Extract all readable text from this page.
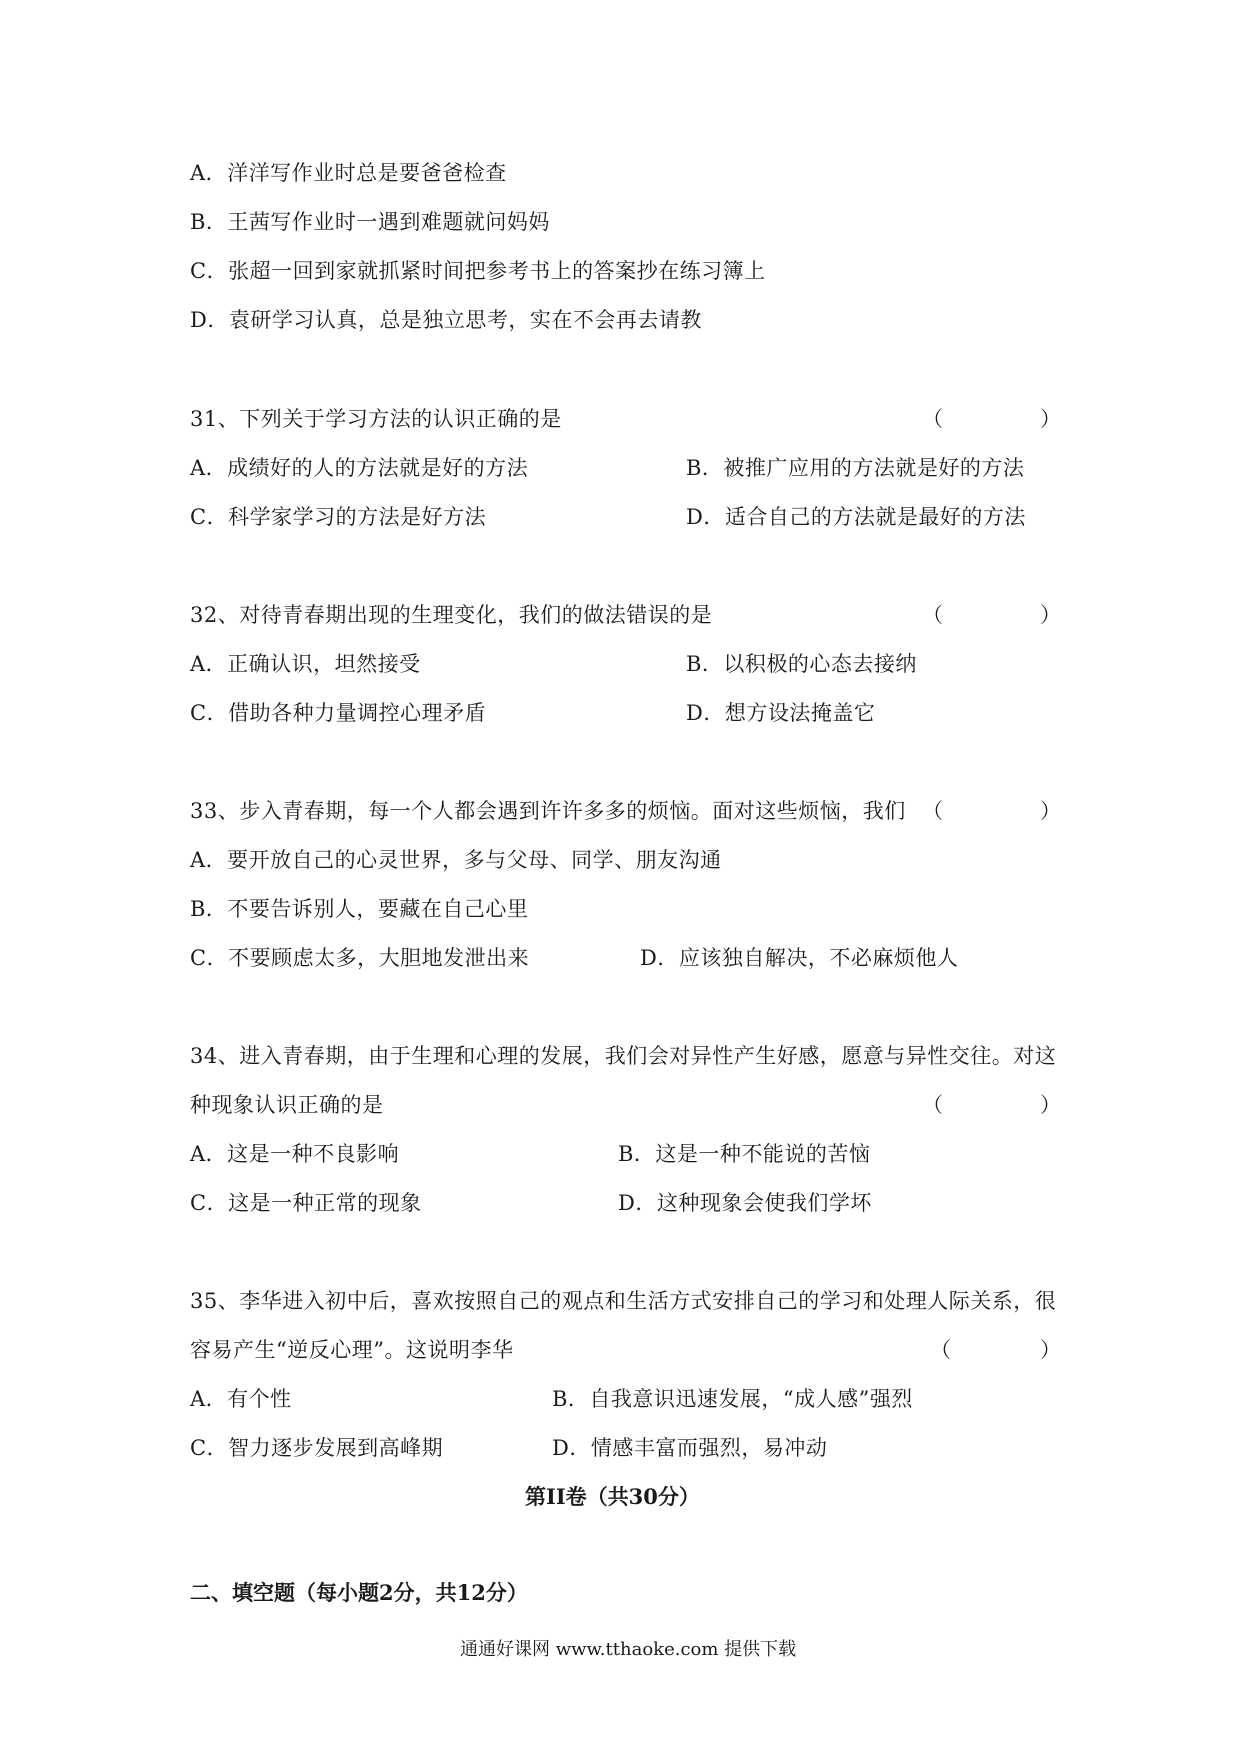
A．洋洋写作业时总是要爸爸检查
B．王茜写作业时一遇到难题就问妈妈
C．张超一回到家就抓紧时间把参考书上的答案抄在练习簿上
D．袁研学习认真，总是独立思考，实在不会再去请教
31、下列关于学习方法的认识正确的是	（	）
A．成绩好的人的方法就是好的方法	B．被推广应用的方法就是好的方法
C．科学家学习的方法是好方法	D．适合自己的方法就是最好的方法
32、对待青春期出现的生理变化，我们的做法错误的是	（	）
A．正确认识，坦然接受	B．以积极的心态去接纳
C．借助各种力量调控心理矛盾	D．想方设法掩盖它
33、步入青春期，每一个人都会遇到许许多多的烦恼。面对这些烦恼，我们 （	）
A．要开放自己的心灵世界，多与父母、同学、朋友沟通
B．不要告诉别人，要藏在自己心里
C．不要顾虑太多，大胆地发泄出来	D．应该独自解决，不必麻烦他人
34、进入青春期，由于生理和心理的发展，我们会对异性产生好感，愿意与异性交往。对这
种现象认识正确的是	（	）
A．这是一种不良影响	B．这是一种不能说的苦恼
C．这是一种正常的现象	D．这种现象会使我们学坏
35、李华进入初中后，喜欢按照自己的观点和生活方式安排自己的学习和处理人际关系，很
容易产生“逆反心理”。这说明李华	（	）
A．有个性	B．自我意识迅速发展，“成人感”强烈
C．智力逐步发展到高峰期	D．情感丰富而强烈，易冲动
第II卷（共30分）
二、填空题（每小题2分，共12分）
通通好课网 www.tthaoke.com 提供下载
